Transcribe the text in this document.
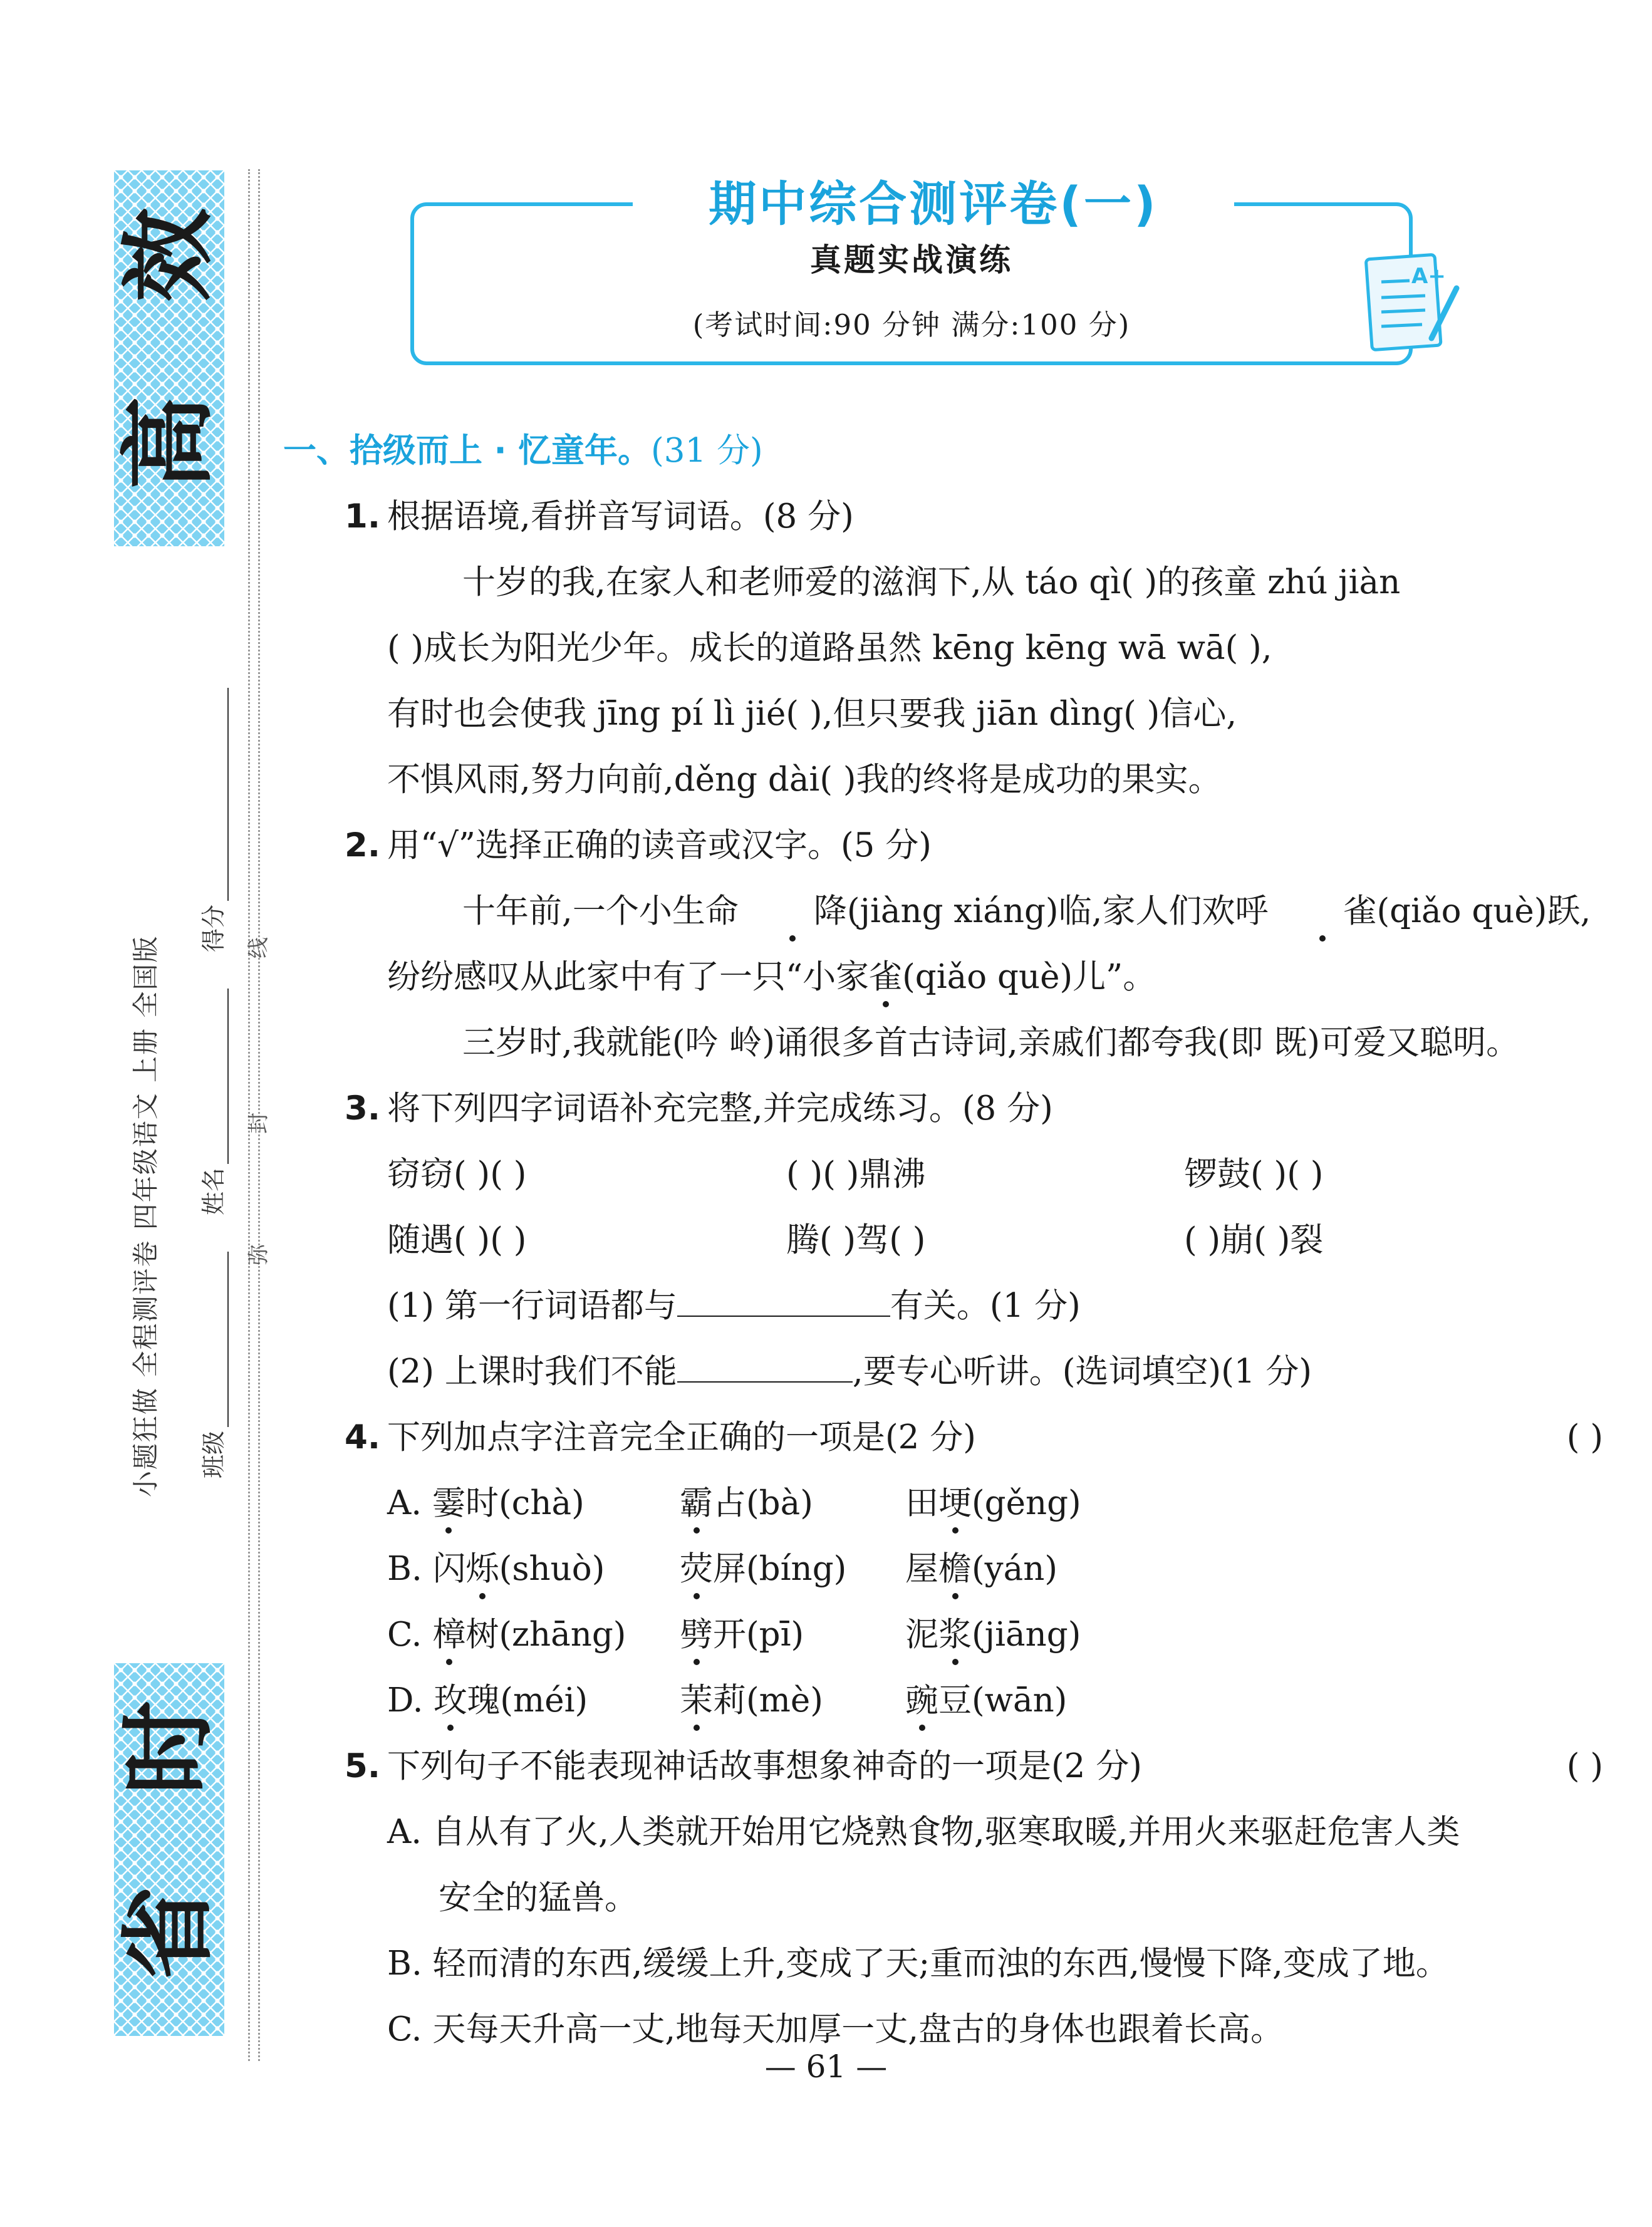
效
高
时
省
小题狂做 全程测评卷 四年级语文 上册 全国版 班级
姓名
得分
弥
封
线
期中综合测评卷(一)
真题实战演练
(考试时间:90 分钟 满分:100 分)
A+
一、拾级而上 · 忆童年。(31 分)
1. 根据语境,看拼音写词语。(8 分)
十岁的我,在家人和老师爱的滋润下,从 táo qì( )的孩童 zhú jiàn
( )成长为阳光少年。成长的道路虽然 kēng kēng wā wā( ),
有时也会使我 jīng pí lì jié( ),但只要我 jiān dìng( )信心,
不惧风雨,努力向前,děng dài( )我的终将是成功的果实。
2. 用“√”选择正确的读音或汉字。(5 分)
十年前,一个小生命 降(jiàng xiáng)临,家人们欢呼 雀(qiǎo què)跃,
纷纷感叹从此家中有了一只“小家雀(qiǎo què)儿”。
三岁时,我就能(吟 岭)诵很多首古诗词,亲戚们都夸我(即 既)可爱又聪明。
3. 将下列四字词语补充完整,并完成练习。(8 分)
窃窃( )( )	( )( )鼎沸	锣鼓( )( )
随遇( )( )	腾( )驾( )	( )崩( )裂
(1) 第一行词语都与	有关。(1 分)
(2) 上课时我们不能	,要专心听讲。(选词填空)(1 分)
4. 下列加点字注音完全正确的一项是(2 分)	( )
A. 霎时(chà)	霸占(bà)	田埂(gěng)
B. 闪烁(shuò) 荧屏(bíng) 屋檐(yán)
C. 樟树(zhāng) 劈开(pī)	泥浆(jiāng)
D. 玫瑰(méi)	茉莉(mè) 豌豆(wān)
5. 下列句子不能表现神话故事想象神奇的一项是(2 分)	( )
A. 自从有了火,人类就开始用它烧熟食物,驱寒取暖,并用火来驱赶危害人类
安全的猛兽。
B. 轻而清的东西,缓缓上升,变成了天;重而浊的东西,慢慢下降,变成了地。
C. 天每天升高一丈,地每天加厚一丈,盘古的身体也跟着长高。
— 61 —
